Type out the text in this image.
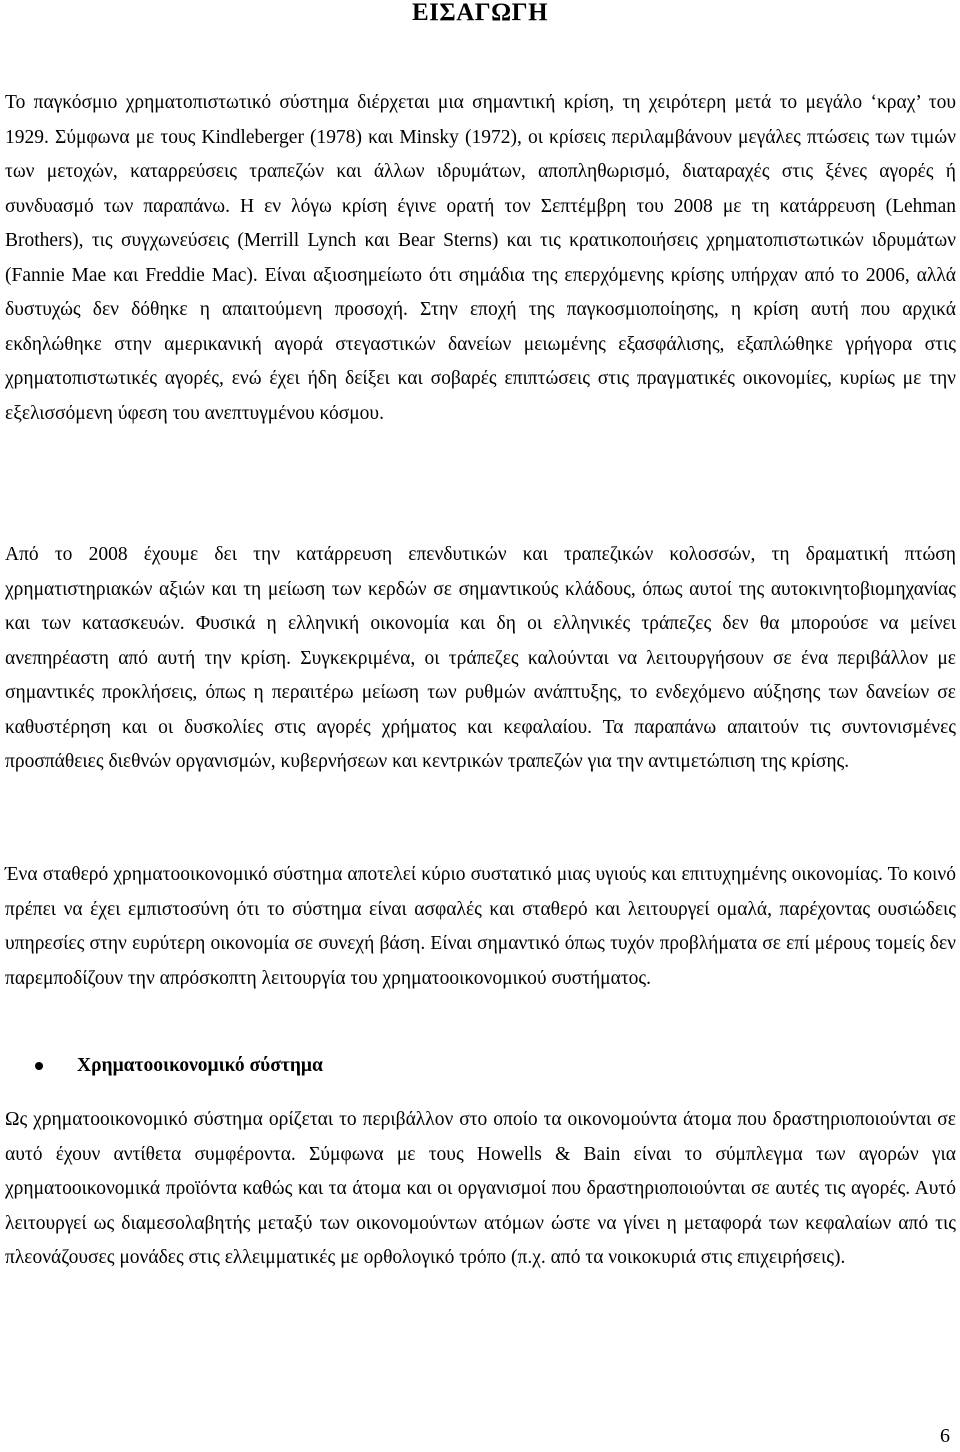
ΕΙΣΑΓΩΓΗ

Το παγκόσμιο χρηματοπιστωτικό σύστημα διέρχεται μια σημαντική κρίση, τη χειρότερη μετά το μεγάλο ‘κραχ’ του 1929. Σύμφωνα με τους Kindleberger (1978) και Minsky (1972), οι κρίσεις περιλαμβάνουν μεγάλες πτώσεις των τιμών των μετοχών, καταρρεύσεις τραπεζών και άλλων ιδρυμάτων, αποπληθωρισμό, διαταραχές στις ξένες αγορές ή συνδυασμό των παραπάνω. Η εν λόγω κρίση έγινε ορατή τον Σεπτέμβρη του 2008 με τη κατάρρευση (Lehman Brothers), τις συγχωνεύσεις (Merrill Lynch και Bear Sterns) και τις κρατικοποιήσεις χρηματοπιστωτικών ιδρυμάτων (Fannie Mae και Freddie Mac). Είναι αξιοσημείωτο ότι σημάδια της επερχόμενης κρίσης υπήρχαν από το 2006, αλλά δυστυχώς δεν δόθηκε η απαιτούμενη προσοχή. Στην εποχή της παγκοσμιοποίησης, η κρίση αυτή που αρχικά εκδηλώθηκε στην αμερικανική αγορά στεγαστικών δανείων μειωμένης εξασφάλισης, εξαπλώθηκε γρήγορα στις χρηματοπιστωτικές αγορές, ενώ έχει ήδη δείξει και σοβαρές επιπτώσεις στις πραγματικές οικονομίες, κυρίως με την εξελισσόμενη ύφεση του ανεπτυγμένου κόσμου.

Από το 2008 έχουμε δει την κατάρρευση επενδυτικών και τραπεζικών κολοσσών, τη δραματική πτώση χρηματιστηριακών αξιών και τη μείωση των κερδών σε σημαντικούς κλάδους, όπως αυτοί της αυτοκινητοβιομηχανίας και των κατασκευών. Φυσικά η ελληνική οικονομία και δη οι ελληνικές τράπεζες δεν θα μπορούσε να μείνει ανεπηρέαστη από αυτή την κρίση. Συγκεκριμένα, οι τράπεζες καλούνται να λειτουργήσουν σε ένα περιβάλλον με σημαντικές προκλήσεις, όπως η περαιτέρω μείωση των ρυθμών ανάπτυξης, το ενδεχόμενο αύξησης των δανείων σε καθυστέρηση και οι δυσκολίες στις αγορές χρήματος και κεφαλαίου. Τα παραπάνω απαιτούν τις συντονισμένες προσπάθειες διεθνών οργανισμών, κυβερνήσεων και κεντρικών τραπεζών για την αντιμετώπιση της κρίσης.

Ένα σταθερό χρηματοοικονομικό σύστημα αποτελεί κύριο συστατικό μιας υγιούς και επιτυχημένης οικονομίας. Το κοινό πρέπει να έχει εμπιστοσύνη ότι το σύστημα είναι ασφαλές και σταθερό και λειτουργεί ομαλά, παρέχοντας ουσιώδεις υπηρεσίες στην ευρύτερη οικονομία σε συνεχή βάση. Είναι σημαντικό όπως τυχόν προβλήματα σε επί μέρους τομείς δεν παρεμποδίζουν την απρόσκοπτη λειτουργία του χρηματοοικονομικού συστήματος.

Χρηματοοικονομικό σύστημα

Ως χρηματοοικονομικό σύστημα ορίζεται το περιβάλλον στο οποίο τα οικονομούντα άτομα που δραστηριοποιούνται σε αυτό έχουν αντίθετα συμφέροντα. Σύμφωνα με τους Howells & Bain είναι το σύμπλεγμα των αγορών για χρηματοοικονομικά προϊόντα καθώς και τα άτομα και οι οργανισμοί που δραστηριοποιούνται σε αυτές τις αγορές. Αυτό λειτουργεί ως διαμεσολαβητής μεταξύ των οικονομούντων ατόμων ώστε να γίνει η μεταφορά των κεφαλαίων από τις πλεονάζουσες μονάδες στις ελλειμματικές με ορθολογικό τρόπο (π.χ. από τα νοικοκυριά στις επιχειρήσεις).

6
